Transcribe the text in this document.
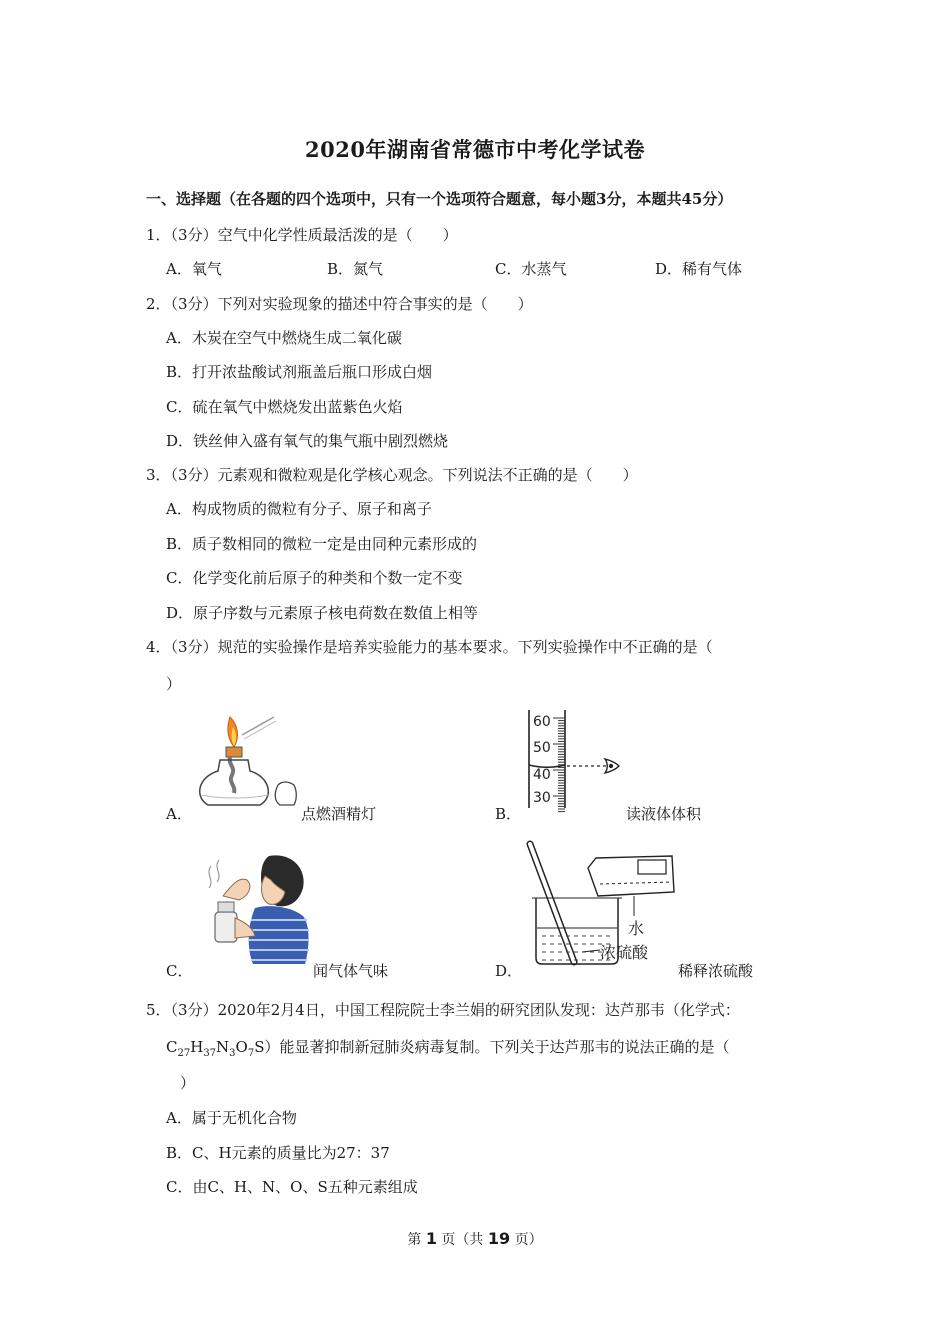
2020年湖南省常德市中考化学试卷
一、选择题（在各题的四个选项中，只有一个选项符合题意，每小题3分，本题共45分）
1．（3分）空气中化学性质最活泼的是（　　）
A．氧气	B．氮气	C．水蒸气	D．稀有气体
2．（3分）下列对实验现象的描述中符合事实的是（　　）
A．木炭在空气中燃烧生成二氧化碳
B．打开浓盐酸试剂瓶盖后瓶口形成白烟
C．硫在氧气中燃烧发出蓝紫色火焰
D．铁丝伸入盛有氧气的集气瓶中剧烈燃烧
3．（3分）元素观和微粒观是化学核心观念。下列说法不正确的是（　　）
A．构成物质的微粒有分子、原子和离子
B．质子数相同的微粒一定是由同种元素形成的
C．化学变化前后原子的种类和个数一定不变
D．原子序数与元素原子核电荷数在数值上相等
4．（3分）规范的实验操作是培养实验能力的基本要求。下列实验操作中不正确的是（
）
A．	点燃酒精灯
60
50
40
30
B．	读液体体积
C．	闻气体气味
水
浓硫酸
D．	稀释浓硫酸
5．（3分）2020年2月4日，中国工程院院士李兰娟的研究团队发现：达芦那韦（化学式：
$C_{27}H_{37}N_3O_7S$）能显著抑制新冠肺炎病毒复制。下列关于达芦那韦的说法正确的是（
）
A．属于无机化合物
B．C、H元素的质量比为27：37
C．由C、H、N、O、S五种元素组成
第 1 页（共 19 页）
